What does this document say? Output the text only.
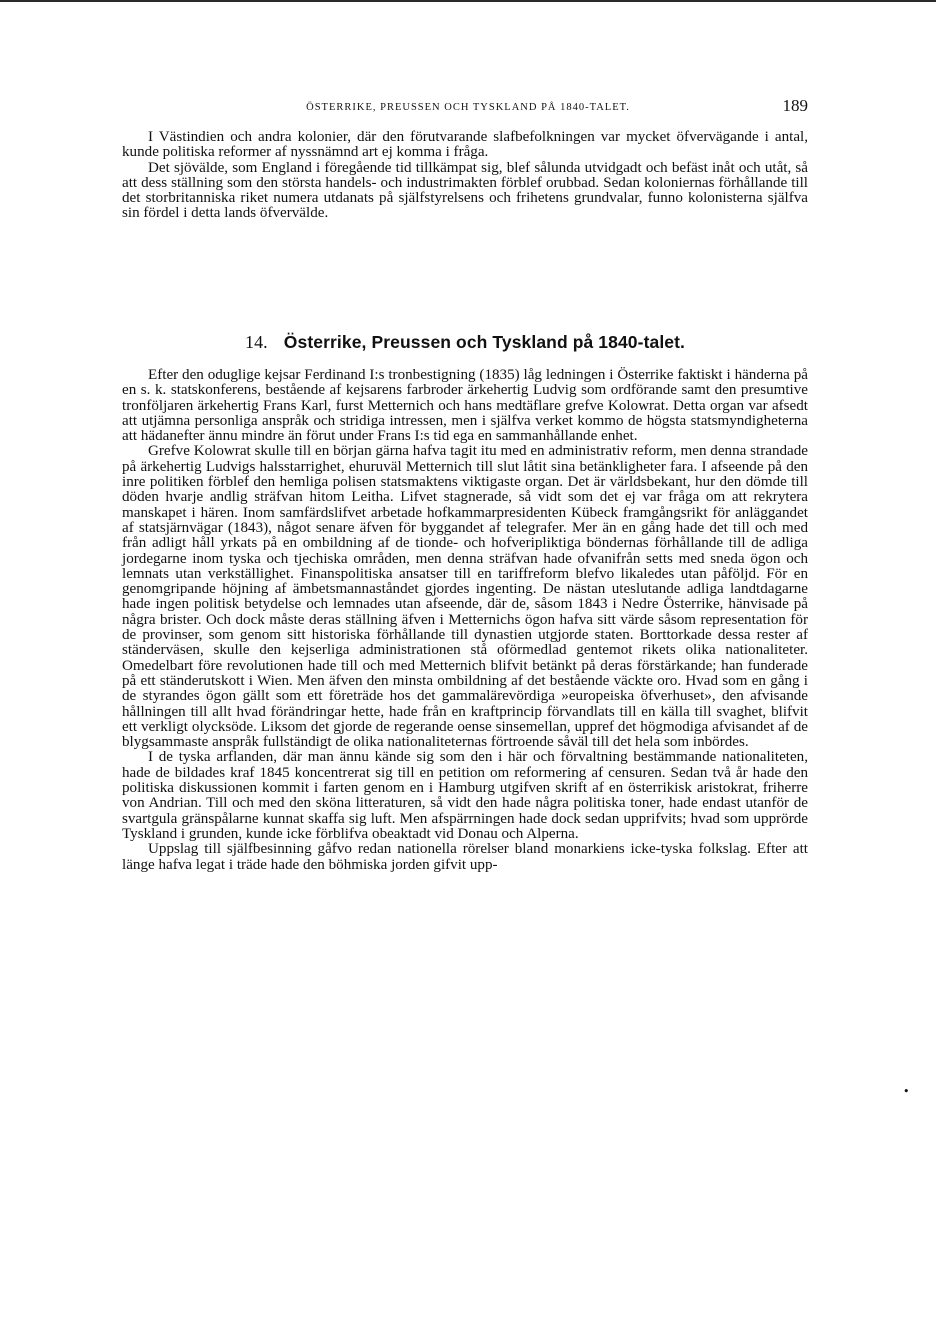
ÖSTERRIKE, PREUSSEN OCH TYSKLAND PÅ 1840-TALET.	189

I Västindien och andra kolonier, där den förutvarande slafbefolkningen var mycket öfvervägande i antal, kunde politiska reformer af nyssnämnd art ej komma i fråga.

Det sjövälde, som England i föregående tid tillkämpat sig, blef sålunda utvidgadt och befäst inåt och utåt, så att dess ställning som den största handels- och industrimakten förblef orubbad. Sedan koloniernas förhållande till det storbritanniska riket numera utdanats på själfstyrelsens och frihetens grundvalar, funno kolonisterna själfva sin fördel i detta lands öfvervälde.

14. Österrike, Preussen och Tyskland på 1840-talet.

Efter den oduglige kejsar Ferdinand I:s tronbestigning (1835) låg ledningen i Österrike faktiskt i händerna på en s. k. statskonferens, bestående af kejsarens farbroder ärkehertig Ludvig som ordförande samt den presumtive tronföljaren ärkehertig Frans Karl, furst Metternich och hans medtäflare grefve Kolowrat. Detta organ var afsedt att utjämna personliga anspråk och stridiga intressen, men i själfva verket kommo de högsta statsmyndigheterna att hädanefter ännu mindre än förut under Frans I:s tid ega en sammanhållande enhet.

Grefve Kolowrat skulle till en början gärna hafva tagit itu med en administrativ reform, men denna strandade på ärkehertig Ludvigs halsstarrighet, ehuruväl Metternich till slut låtit sina betänkligheter fara. I afseende på den inre politiken förblef den hemliga polisen statsmaktens viktigaste organ. Det är världsbekant, hur den dömde till döden hvarje andlig sträfvan hitom Leitha. Lifvet stagnerade, så vidt som det ej var fråga om att rekrytera manskapet i hären. Inom samfärdslifvet arbetade hofkammarpresidenten Kübeck framgångsrikt för anläggandet af statsjärnvägar (1843), något senare äfven för byggandet af telegrafer. Mer än en gång hade det till och med från adligt håll yrkats på en ombildning af de tionde- och hofveripliktiga böndernas förhållande till de adliga jordegarne inom tyska och tjechiska områden, men denna sträfvan hade ofvanifrån setts med sneda ögon och lemnats utan verkställighet. Finanspolitiska ansatser till en tariffreform blefvo likaledes utan påföljd. För en genomgripande höjning af ämbetsmannaståndet gjordes ingenting. De nästan uteslutande adliga landtdagarne hade ingen politisk betydelse och lemnades utan afseende, där de, såsom 1843 i Nedre Österrike, hänvisade på några brister. Och dock måste deras ställning äfven i Metternichs ögon hafva sitt värde såsom representation för de provinser, som genom sitt historiska förhållande till dynastien utgjorde staten. Borttorkade dessa rester af ständerväsen, skulle den kejserliga administrationen stå oförmedlad gentemot rikets olika nationaliteter. Omedelbart före revolutionen hade till och med Metternich blifvit betänkt på deras förstärkande; han funderade på ett ständerutskott i Wien. Men äfven den minsta ombildning af det bestående väckte oro. Hvad som en gång i de styrandes ögon gällt som ett företräde hos det gammalärevördiga »europeiska öfverhuset», den afvisande hållningen till allt hvad förändringar hette, hade från en kraftprincip förvandlats till en källa till svaghet, blifvit ett verkligt olycksöde. Liksom det gjorde de regerande oense sinsemellan, uppref det högmodiga afvisandet af de blygsammaste anspråk fullständigt de olika nationaliteternas förtroende såväl till det hela som inbördes.

I de tyska arflanden, där man ännu kände sig som den i här och förvaltning bestämmande nationaliteten, hade de bildades kraf 1845 koncentrerat sig till en petition om reformering af censuren. Sedan två år hade den politiska diskussionen kommit i farten genom en i Hamburg utgifven skrift af en österrikisk aristokrat, friherre von Andrian. Till och med den sköna litteraturen, så vidt den hade några politiska toner, hade endast utanför de svartgula gränspålarne kunnat skaffa sig luft. Men afspärrningen hade dock sedan upprifvits; hvad som upprörde Tyskland i grunden, kunde icke förblifva obeaktadt vid Donau och Alperna.

Uppslag till själfbesinning gåfvo redan nationella rörelser bland monarkiens icke-tyska folkslag. Efter att länge hafva legat i träde hade den böhmiska jorden gifvit upp-

•
